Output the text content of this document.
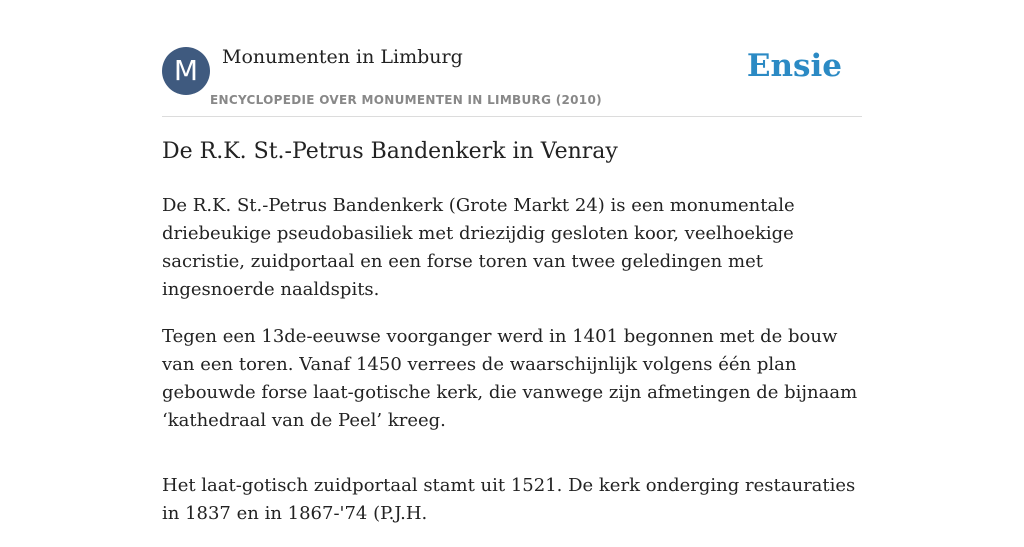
M	Monumenten in Limburg
ENCYCLOPEDIE OVER MONUMENTEN IN LIMBURG (2010)
Ensie
De R.K. St.-Petrus Bandenkerk in Venray

De R.K. St.-Petrus Bandenkerk (Grote Markt 24) is een monumentale driebeukige pseudobasiliek met driezijdig gesloten koor, veelhoekige sacristie, zuidportaal en een forse toren van twee geledingen met ingesnoerde naaldspits.

Tegen een 13de-eeuwse voorganger werd in 1401 begonnen met de bouw van een toren. Vanaf 1450 verrees de waarschijnlijk volgens één plan gebouwde forse laat-gotische kerk, die vanwege zijn afmetingen de bijnaam ‘kathedraal van de Peel’ kreeg.

Het laat-gotisch zuidportaal stamt uit 1521. De kerk onderging restauraties in 1837 en in 1867-'74 (P.J.H.
